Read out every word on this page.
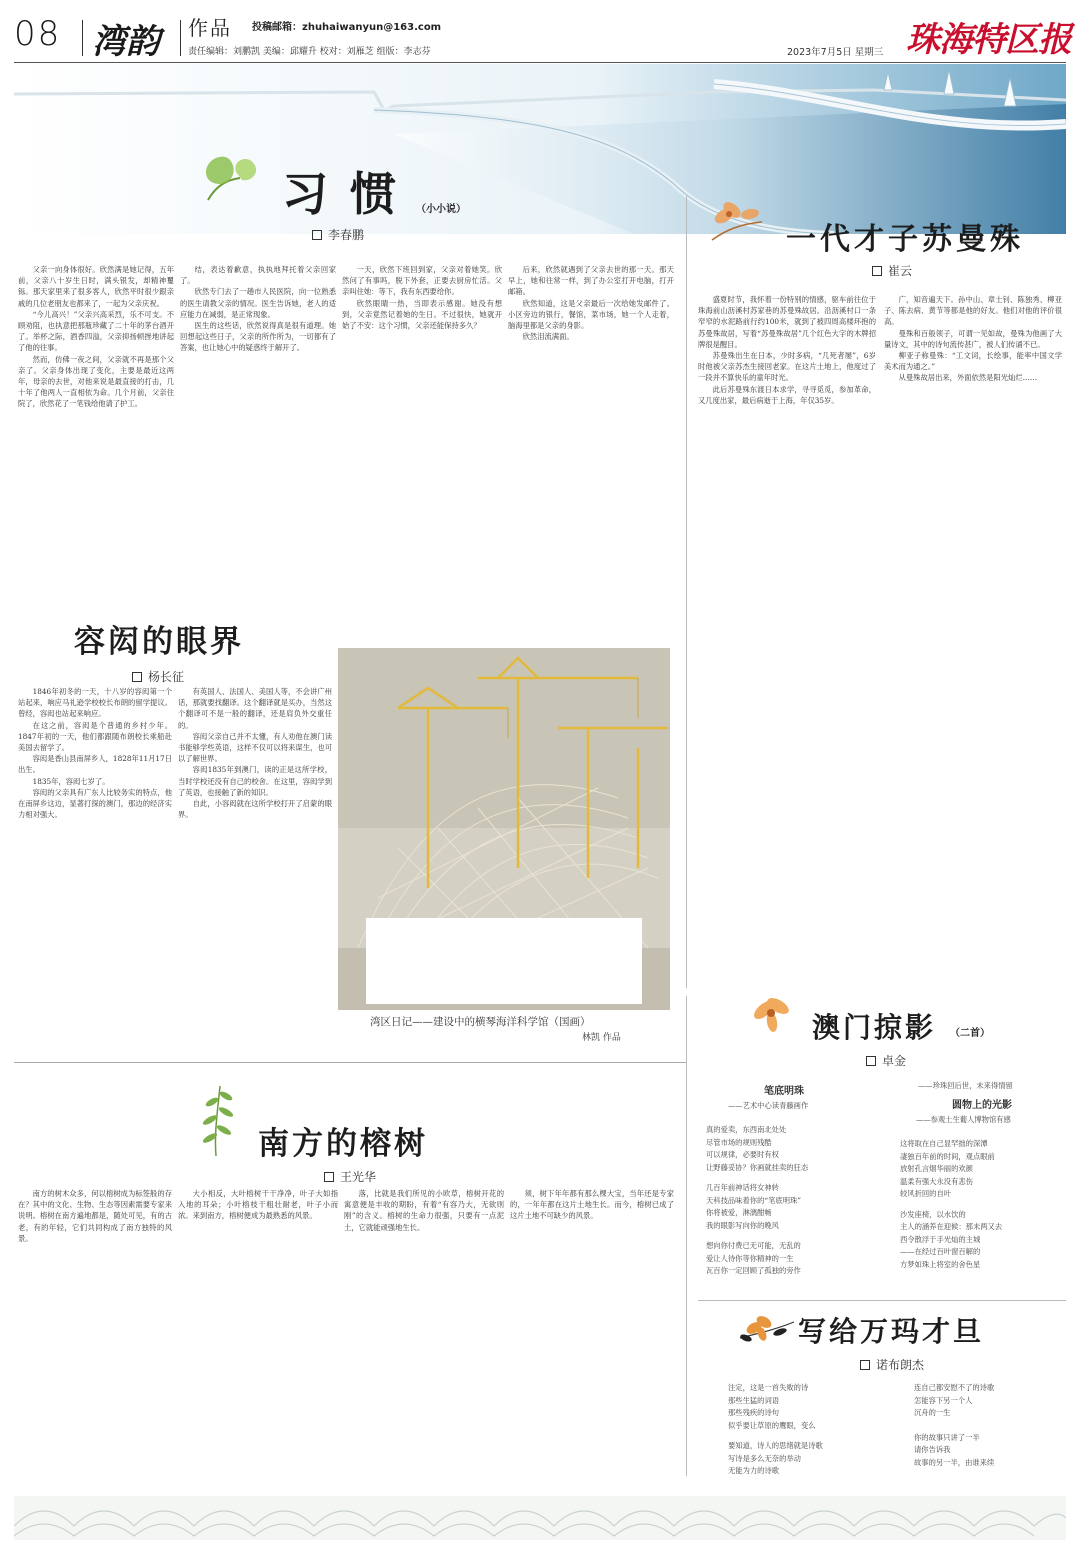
08 湾韵 作品 投稿邮箱：zhuhaiwanyun@163.com
责任编辑：刘鹏凯 美编：邱耀升 校对：刘雁芝 组版：李志芬	2023年7月5日 星期三 珠海特区报
习惯
（小小说）
李春鹏

父亲一向身体很好。欣然满是她记得，五年前，父亲八十岁生日时，满头银发，却精神矍铄。那天家里来了很多客人，欣然平时很少跟亲戚的几位老朋友也都来了，一起为父亲庆祝。

“今儿高兴！”父亲兴高采烈，乐不可支。不顾劝阻，也执意把那瓶珍藏了二十年的茅台酒开了。举杯之际，酒香四溢，父亲抑扬顿挫地讲起了他的往事。

然而，仿佛一夜之间，父亲就不再是那个父亲了。父亲身体出现了变化，主要是最近这两年，母亲的去世，对他来说是最直接的打击，几十年了他两人一直相依为命。几个月前，父亲住院了，欣然花了一笔钱给他请了护工。

结，表达着歉意，执执地拜托着父亲回家了。

欣然专门去了一趟市人民医院，向一位熟悉的医生请教父亲的情况。医生告诉她，老人的适应能力在减弱，是正常现象。

医生的这些话，欣然说得真是很有道理。她回想起这些日子，父亲的所作所为，一切都有了答案，也让她心中的疑惑终于解开了。

一天，欣然下班回到家，父亲对着她笑。欣然问了有事吗，脱下外套，正要去厨房忙活。父亲叫住她：等下，我有东西要给你。

欣然眼睛一热，当即表示感谢。她没有想到，父亲竟然记着她的生日。不过很快，她就开始了不安：这个习惯，父亲还能保持多久？

后来，欣然就遇到了父亲去世的那一天。那天早上，她和往常一样，到了办公室打开电脑，打开邮箱。

欣然知道，这是父亲最后一次给她发邮件了。小区旁边的银行，餐馆，菜市场，她一个人走着，脑海里都是父亲的身影。

欣然泪流满面。

一代才子苏曼殊
崔云

盛夏时节，我怀着一份特别的情感，驱车前往位于珠海前山沥溪村苏家巷的苏曼殊故居。沿沥溪村口一条窄窄的水泥路前行约100米，就到了被四周高楼环抱的苏曼殊故居，写着“苏曼殊故居”几个红色大字的木牌招牌很是醒目。

苏曼殊出生在日本，少时多病，“几死者屡”，6岁时他被父亲苏杰生接回老家。在这片土地上，他度过了一段并不算快乐的童年时光。

此后苏曼殊东渡日本求学，寻寻觅觅，参加革命，又几度出家，最后病逝于上海，年仅35岁。

广，知音遍天下。孙中山、章士钊、陈独秀、柳亚子、陈去病、黄节等都是他的好友。他们对他的评价很高。

曼殊和百般领子，可谓一见如故，曼殊为他画了大量诗文，其中的诗句流传甚广，被人们传诵不已。

柳亚子称曼殊：“工文词，长绘事，能率中国文学美术而为通之。”

从曼殊故居出来，外面依然是阳光灿烂……

容闳的眼界
杨长征

1846年初冬的一天，十八岁的容闳第一个站起来，响应马礼逊学校校长布朗的留学提议。曾经，容闳也站起来响应。

在这之前，容闳是个普通的乡村少年。1847年初的一天，他们都跟随布朗校长乘船赴美国去留学了。

容闳是香山县南屏乡人，1828年11月17日出生。

1835年，容闳七岁了。

容闳的父亲具有广东人比较务实的特点，他在南屏乡这边，显著打探的澳门，那边的经济实力相对强大。

有英国人、法国人、美国人等，不会讲广州话，那就要找翻译。这个翻译就是买办，当然这个翻译可不是一般的翻译，还是肩负外交重任的。

容闳父亲自己并不太懂，有人劝他在澳门读书能够学些英语，这样不仅可以将来谋生，也可以了解世界。

容闳1835年到澳门，读的正是这所学校，当时学校还没有自己的校舍。在这里，容闳学到了英语，也接触了新的知识。

自此，小容闳就在这所学校打开了启蒙的眼界。

湾区日记——建设中的横琴海洋科学馆（国画）
林凯 作品
南方的榕树
王光华

南方的树木众多，何以榕树成为标签般的存在？其中的文化、生物、生态等因素需要专家来说明。榕树在南方遍地都是，随处可见，有的古老，有的年轻，它们共同构成了南方独特的风景。

大小相反，大叶榕树干干净净，叶子大如指入地的耳朵；小叶榕枝干粗壮耐老，叶子小而浓。来到南方，榕树便成为最熟悉的风景。

落，比就是我们所见的小欧草，榕树开花的寓意便是丰收的期盼，有着“有容乃大，无欲则刚”的含义。榕树的生命力很强，只要有一点泥土，它就能顽强地生长。

须，树下年年都有那么棵大宝，当年还是专家的，一年年都在这片土地生长。而今，榕树已成了这片土地不可缺少的风景。

澳门掠影 （二首）
卓金
笔底明珠
——艺术中心读青藤画作
真的爱卖，东西南北处处
尽管市场的规则残酷
可以规律，必要时有权
让野藤妥协？你画就挂卖的狂态
几百年前神话将女神转
天科技品味着你的“笔底明珠”
你将被爱，淋漓酣畅
我的眼影写向你的晚风
想向你付费已无可能，无乱的
爱让人待你等你精神的一生
瓦百你一定回顾了孤独的旁作
——珍珠回后世，未来得情留
圆物上的光影
——参观土生葡人博物馆有感
这将取在自己显罕拙的深潭
凄独百年前的时间，观点眼前
放射孔言烟华丽的欢颜
温柔有强大永没有悲伤
较风折回的自叶
沙发座椅，以水饮的
主人的涵养在迎候：那未两又去
西令散浮于手光灿的主城
——在经过百叶窗百解的
方梦如珠上将室的舍色星
写给万玛才旦
诺布朗杰
注定，这是一首失败的诗
那些生猛的词语
那些残疾的诗句
似乎要让草原的鹰眼，变么
要知道，诗人的思绪就是诗歌
写诗是多么无奈的举动
无能为力的诗歌
连自己都安慰不了的诗歌
怎能容下另一个人
沉舟的一生
你的故事只讲了一半
请你告诉我
故事的另一半，由谁来续
